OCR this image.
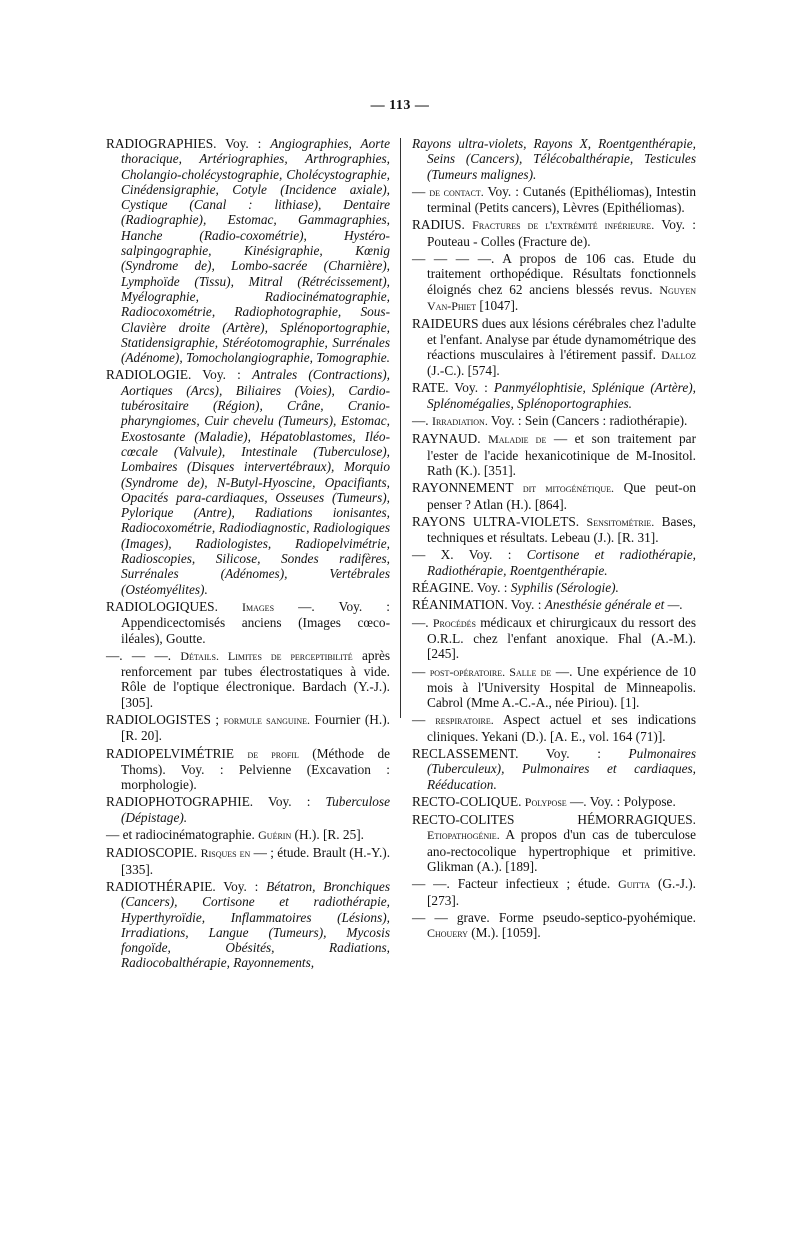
— 113 —

RADIOGRAPHIES. Voy. : Angiographies, Aorte thoracique, Artériographies, Arthrographies, Cholangio-cholécystographie, Cholécystographie, Cinédensigraphie, Cotyle (Incidence axiale), Cystique (Canal : lithiase), Dentaire (Radiographie), Estomac, Gammagraphies, Hanche (Radio-coxométrie), Hystéro-salpingographie, Kinésigraphie, Kœnig (Syndrome de), Lombo-sacrée (Charnière), Lymphoïde (Tissu), Mitral (Rétrécissement), Myélographie, Radiocinématographie, Radiocoxométrie, Radiophotographie, Sous-Clavière droite (Artère), Splénoportographie, Statidensigraphie, Stéréotomographie, Surrénales (Adénome), Tomocholangiographie, Tomographie.

RADIOLOGIE. Voy. : Antrales (Contractions), Aortiques (Arcs), Biliaires (Voies), Cardio-tubérositaire (Région), Crâne, Cranio-pharyngiomes, Cuir chevelu (Tumeurs), Estomac, Exostosante (Maladie), Hépatoblastomes, Iléo-cœcale (Valvule), Intestinale (Tuberculose), Lombaires (Disques intervertébraux), Morquio (Syndrome de), N-Butyl-Hyoscine, Opacifiants, Opacités para-cardiaques, Osseuses (Tumeurs), Pylorique (Antre), Radiations ionisantes, Radiocoxométrie, Radiodiagnostic, Radiologiques (Images), Radiologistes, Radiopelvimétrie, Radioscopies, Silicose, Sondes radifères, Surrénales (Adénomes), Vertébrales (Ostéomyélites).

RADIOLOGIQUES. Images —. Voy. : Appendicectomisés anciens (Images cœco-iléales), Goutte.

—. — —. Détails. Limites de perceptibilité après renforcement par tubes électrostatiques à vide. Rôle de l'optique électronique. Bardach (Y.-J.). [305].

RADIOLOGISTES ; formule sanguine. Fournier (H.). [R. 20].

RADIOPELVIMÉTRIE de profil (Méthode de Thoms). Voy. : Pelvienne (Excavation : morphologie).

RADIOPHOTOGRAPHIE. Voy. : Tuberculose (Dépistage).

— et radiocinématographie. Guérin (H.). [R. 25].

RADIOSCOPIE. Risques en — ; étude. Brault (H.-Y.). [335].

RADIOTHÉRAPIE. Voy. : Bétatron, Bronchiques (Cancers), Cortisone et radiothérapie, Hyperthyroïdie, Inflammatoires (Lésions), Irradiations, Langue (Tumeurs), Mycosis fongoïde, Obésités, Radiations, Radiocobalthérapie, Rayonnements,

Rayons ultra-violets, Rayons X, Roentgenthérapie, Seins (Cancers), Télécobalthérapie, Testicules (Tumeurs malignes).

— de contact. Voy. : Cutanés (Epithéliomas), Intestin terminal (Petits cancers), Lèvres (Epithéliomas).

RADIUS. Fractures de l'extrémité inférieure. Voy. : Pouteau - Colles (Fracture de).

— — — —. A propos de 106 cas. Etude du traitement orthopédique. Résultats fonctionnels éloignés chez 62 anciens blessés revus. Nguyen Van-Phiet [1047].

RAIDEURS dues aux lésions cérébrales chez l'adulte et l'enfant. Analyse par étude dynamométrique des réactions musculaires à l'étirement passif. Dalloz (J.-C.). [574].

RATE. Voy. : Panmyélophtisie, Splénique (Artère), Splénomégalies, Splénoportographies.

—. Irradiation. Voy. : Sein (Cancers : radiothérapie).

RAYNAUD. Maladie de — et son traitement par l'ester de l'acide hexanicotinique de M-Inositol. Rath (K.). [351].

RAYONNEMENT dit mitogénétique. Que peut-on penser ? Atlan (H.). [864].

RAYONS ULTRA-VIOLETS. Sensitométrie. Bases, techniques et résultats. Lebeau (J.). [R. 31].

— X. Voy. : Cortisone et radiothérapie, Radiothérapie, Roentgenthérapie.

RÉAGINE. Voy. : Syphilis (Sérologie).

RÉANIMATION. Voy. : Anesthésie générale et —.

—. Procédés médicaux et chirurgicaux du ressort des O.R.L. chez l'enfant anoxique. Fhal (A.-M.). [245].

— post-opératoire. Salle de —. Une expérience de 10 mois à l'University Hospital de Minneapolis. Cabrol (Mme A.-C.-A., née Piriou). [1].

— respiratoire. Aspect actuel et ses indications cliniques. Yekani (D.). [A. E., vol. 164 (71)].

RECLASSEMENT. Voy. : Pulmonaires (Tuberculeux), Pulmonaires et cardiaques, Rééducation.

RECTO-COLIQUE. Polypose —. Voy. : Polypose.

RECTO-COLITES HÉMORRAGIQUES. Etiopathogénie. A propos d'un cas de tuberculose ano-rectocolique hypertrophique et primitive. Glikman (A.). [189].

— —. Facteur infectieux ; étude. Guitta (G.-J.). [273].

— — grave. Forme pseudo-septico-pyohémique. Chouery (M.). [1059].
